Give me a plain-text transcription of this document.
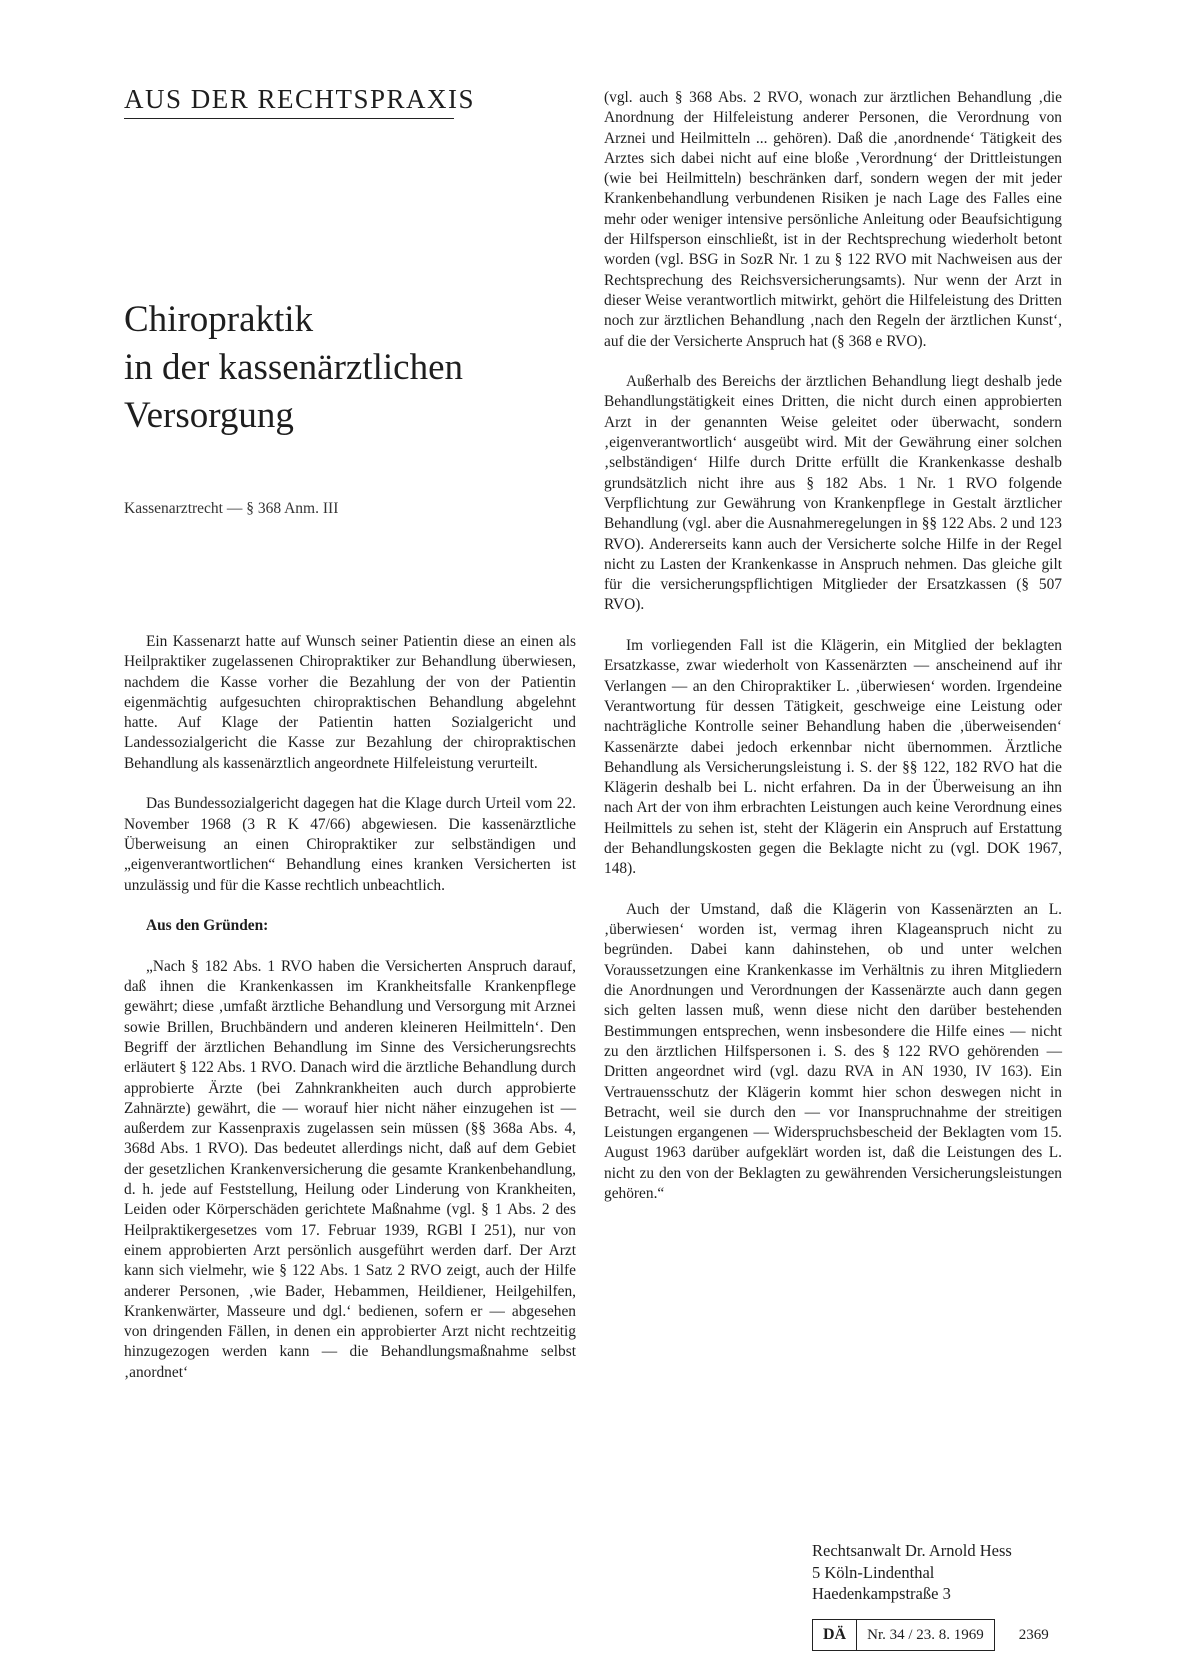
AUS DER RECHTSPRAXIS
Chiropraktik
in der kassenärztlichen
Versorgung
Kassenarztrecht — § 368 Anm. III

Ein Kassenarzt hatte auf Wunsch seiner Patientin diese an einen als Heilpraktiker zugelassenen Chiropraktiker zur Behandlung überwiesen, nachdem die Kasse vorher die Bezahlung der von der Patientin eigenmächtig aufgesuchten chiropraktischen Behandlung abgelehnt hatte. Auf Klage der Patientin hatten Sozialgericht und Landessozialgericht die Kasse zur Bezahlung der chiropraktischen Behandlung als kassenärztlich angeordnete Hilfeleistung verurteilt.

Das Bundessozialgericht dagegen hat die Klage durch Urteil vom 22. November 1968 (3 R K 47/66) abgewiesen. Die kassenärztliche Überweisung an einen Chiropraktiker zur selbständigen und „eigenverantwortlichen“ Behandlung eines kranken Versicherten ist unzulässig und für die Kasse rechtlich unbeachtlich.

Aus den Gründen:

„Nach § 182 Abs. 1 RVO haben die Versicherten Anspruch darauf, daß ihnen die Krankenkassen im Krankheitsfalle Krankenpflege gewährt; diese ‚umfaßt ärztliche Behandlung und Versorgung mit Arznei sowie Brillen, Bruchbändern und anderen kleineren Heilmitteln‘. Den Begriff der ärztlichen Behandlung im Sinne des Versicherungsrechts erläutert § 122 Abs. 1 RVO. Danach wird die ärztliche Behandlung durch approbierte Ärzte (bei Zahnkrankheiten auch durch approbierte Zahnärzte) gewährt, die — worauf hier nicht näher einzugehen ist — außerdem zur Kassenpraxis zugelassen sein müssen (§§ 368a Abs. 4, 368d Abs. 1 RVO). Das bedeutet allerdings nicht, daß auf dem Gebiet der gesetzlichen Krankenversicherung die gesamte Krankenbehandlung, d. h. jede auf Feststellung, Heilung oder Linderung von Krankheiten, Leiden oder Körperschäden gerichtete Maßnahme (vgl. § 1 Abs. 2 des Heilpraktikergesetzes vom 17. Februar 1939, RGBl I 251), nur von einem approbierten Arzt persönlich ausgeführt werden darf. Der Arzt kann sich vielmehr, wie § 122 Abs. 1 Satz 2 RVO zeigt, auch der Hilfe anderer Personen, ‚wie Bader, Hebammen, Heildiener, Heilgehilfen, Krankenwärter, Masseure und dgl.‘ bedienen, sofern er — abgesehen von dringenden Fällen, in denen ein approbierter Arzt nicht rechtzeitig hinzugezogen werden kann — die Behandlungsmaßnahme selbst ‚anordnet‘

(vgl. auch § 368 Abs. 2 RVO, wonach zur ärztlichen Behandlung ‚die Anordnung der Hilfeleistung anderer Personen, die Verordnung von Arznei und Heilmitteln ... gehören). Daß die ‚anordnende‘ Tätigkeit des Arztes sich dabei nicht auf eine bloße ‚Verordnung‘ der Drittleistungen (wie bei Heilmitteln) beschränken darf, sondern wegen der mit jeder Krankenbehandlung verbundenen Risiken je nach Lage des Falles eine mehr oder weniger intensive persönliche Anleitung oder Beaufsichtigung der Hilfsperson einschließt, ist in der Rechtsprechung wiederholt betont worden (vgl. BSG in SozR Nr. 1 zu § 122 RVO mit Nachweisen aus der Rechtsprechung des Reichsversicherungsamts). Nur wenn der Arzt in dieser Weise verantwortlich mitwirkt, gehört die Hilfeleistung des Dritten noch zur ärztlichen Behandlung ‚nach den Regeln der ärztlichen Kunst‘, auf die der Versicherte Anspruch hat (§ 368 e RVO).

Außerhalb des Bereichs der ärztlichen Behandlung liegt deshalb jede Behandlungstätigkeit eines Dritten, die nicht durch einen approbierten Arzt in der genannten Weise geleitet oder überwacht, sondern ‚eigenverantwortlich‘ ausgeübt wird. Mit der Gewährung einer solchen ‚selbständigen‘ Hilfe durch Dritte erfüllt die Krankenkasse deshalb grundsätzlich nicht ihre aus § 182 Abs. 1 Nr. 1 RVO folgende Verpflichtung zur Gewährung von Krankenpflege in Gestalt ärztlicher Behandlung (vgl. aber die Ausnahmeregelungen in §§ 122 Abs. 2 und 123 RVO). Andererseits kann auch der Versicherte solche Hilfe in der Regel nicht zu Lasten der Krankenkasse in Anspruch nehmen. Das gleiche gilt für die versicherungspflichtigen Mitglieder der Ersatzkassen (§ 507 RVO).

Im vorliegenden Fall ist die Klägerin, ein Mitglied der beklagten Ersatzkasse, zwar wiederholt von Kassenärzten — anscheinend auf ihr Verlangen — an den Chiropraktiker L. ‚überwiesen‘ worden. Irgendeine Verantwortung für dessen Tätigkeit, geschweige eine Leistung oder nachträgliche Kontrolle seiner Behandlung haben die ‚überweisenden‘ Kassenärzte dabei jedoch erkennbar nicht übernommen. Ärztliche Behandlung als Versicherungsleistung i. S. der §§ 122, 182 RVO hat die Klägerin deshalb bei L. nicht erfahren. Da in der Überweisung an ihn nach Art der von ihm erbrachten Leistungen auch keine Verordnung eines Heilmittels zu sehen ist, steht der Klägerin ein Anspruch auf Erstattung der Behandlungskosten gegen die Beklagte nicht zu (vgl. DOK 1967, 148).

Auch der Umstand, daß die Klägerin von Kassenärzten an L. ‚überwiesen‘ worden ist, vermag ihren Klageanspruch nicht zu begründen. Dabei kann dahinstehen, ob und unter welchen Voraussetzungen eine Krankenkasse im Verhältnis zu ihren Mitgliedern die Anordnungen und Verordnungen der Kassenärzte auch dann gegen sich gelten lassen muß, wenn diese nicht den darüber bestehenden Bestimmungen entsprechen, wenn insbesondere die Hilfe eines — nicht zu den ärztlichen Hilfspersonen i. S. des § 122 RVO gehörenden — Dritten angeordnet wird (vgl. dazu RVA in AN 1930, IV 163). Ein Vertrauensschutz der Klägerin kommt hier schon deswegen nicht in Betracht, weil sie durch den — vor Inanspruchnahme der streitigen Leistungen ergangenen — Widerspruchsbescheid der Beklagten vom 15. August 1963 darüber aufgeklärt worden ist, daß die Leistungen des L. nicht zu den von der Beklagten zu gewährenden Versicherungsleistungen gehören.“

Rechtsanwalt Dr. Arnold Hess
5 Köln-Lindenthal
Haedenkampstraße 3
DÄ	Nr. 34 / 23. 8. 1969	2369
